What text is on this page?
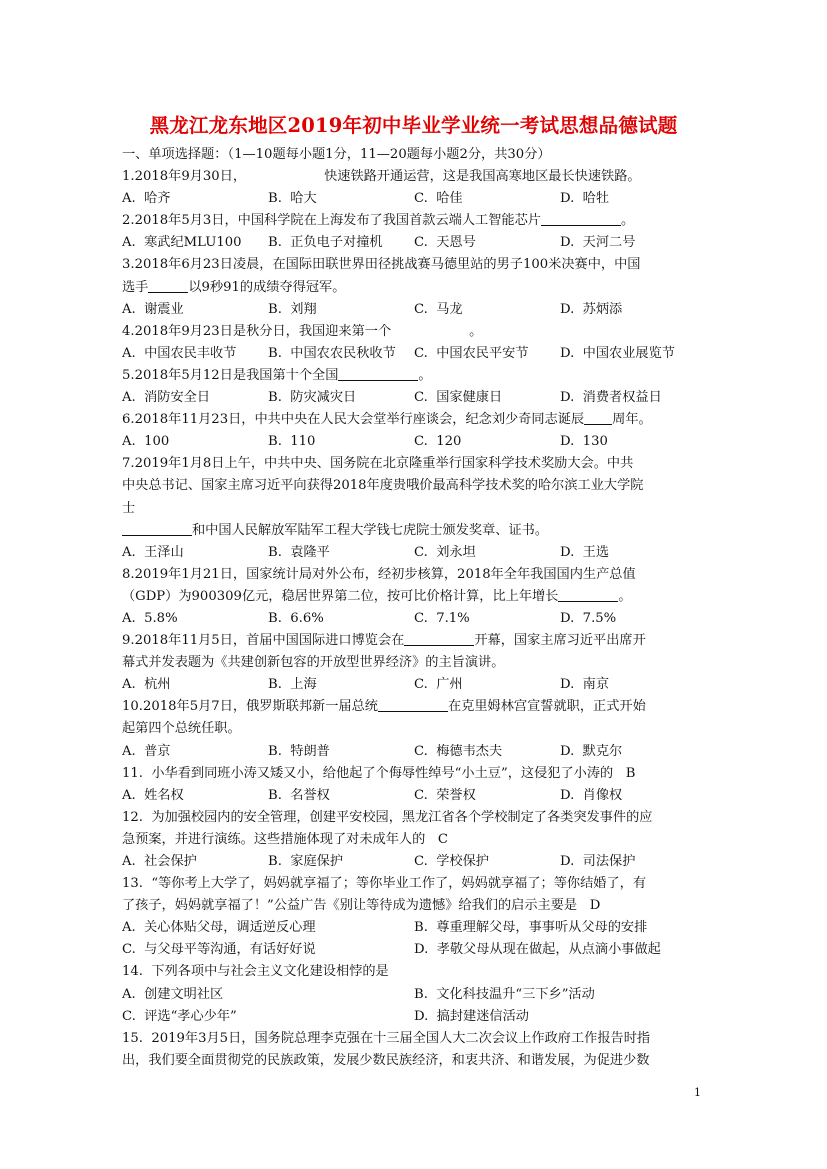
黑龙江龙东地区2019年初中毕业学业统一考试思想品德试题
一、单项选择题：（1—10题每小题1分，11—20题每小题2分，共30分）
1.2018年9月30日，	快速铁路开通运营，这是我国高寒地区最长快速铁路。
A.  哈齐	B.  哈大	C.  哈佳	D.  哈牡
2.2018年5月3日，中国科学院在上海发布了我国首款云端人工智能芯片	。
A.  寒武纪MLU100	B.  正负电子对撞机	C.  天恩号	D.  天河二号
3.2018年6月23日凌晨，在国际田联世界田径挑战赛马德里站的男子100米决赛中，中国
选手	以9秒91的成绩夺得冠军。
A.  谢震业	B.  刘翔	C.  马龙	D.  苏炳添
4.2018年9月23日是秋分日，我国迎来第一个	。
A.  中国农民丰收节	B.  中国农农民秋收节	C.  中国农民平安节	D.  中国农业展览节
5.2018年5月12日是我国第十个全国	。
A.  消防安全日	B.  防灾减灾日	C.  国家健康日	D.  消费者权益日
6.2018年11月23日，中共中央在人民大会堂举行座谈会，纪念刘少奇同志诞辰 周年。
A.  100	B.  110	C.  120	D.  130
7.2019年1月8日上午，中共中央、国务院在北京隆重举行国家科学技术奖励大会。中共
中央总书记、国家主席习近平向获得2018年度贵哦价最高科学技术奖的哈尔滨工业大学院
士
和中国人民解放军陆军工程大学钱七虎院士颁发奖章、证书。
A.  王泽山	B.  袁隆平	C.  刘永坦	D.  王选
8.2019年1月21日，国家统计局对外公布，经初步核算，2018年全年我国国内生产总值
（GDP）为900309亿元，稳居世界第二位，按可比价格计算，比上年增长	。
A.  5.8%	B.  6.6%	C.  7.1%	D.  7.5%
9.2018年11月5日，首届中国国际进口博览会在	开幕，国家主席习近平出席开
幕式并发表题为《共建创新包容的开放型世界经济》的主旨演讲。
A.  杭州	B.  上海	C.  广州	D.  南京
10.2018年5月7日，俄罗斯联邦新一届总统	在克里姆林宫宣誓就职，正式开始
起第四个总统任职。
A.  普京	B.  特朗普	C.  梅德韦杰夫	D.  默克尔
11.  小华看到同班小涛又矮又小，给他起了个侮辱性绰号“小土豆”，这侵犯了小涛的   B
A.  姓名权	B.  名誉权	C.  荣誉权	D.  肖像权
12.  为加强校园内的安全管理，创建平安校园，黑龙江省各个学校制定了各类突发事件的应
急预案，并进行演练。这些措施体现了对未成年人的   C
A.  社会保护	B.  家庭保护	C.  学校保护	D.  司法保护
13.  “等你考上大学了，妈妈就享福了；等你毕业工作了，妈妈就享福了；等你结婚了，有
了孩子，妈妈就享福了！”公益广告《别让等待成为遗憾》给我们的启示主要是   D
A.  关心体贴父母，调适逆反心理	B.  尊重理解父母，事事听从父母的安排
C.  与父母平等沟通，有话好好说	D.  孝敬父母从现在做起，从点滴小事做起
14.  下列各项中与社会主义文化建设相悖的是
A.  创建文明社区	B.  文化科技温升“三下乡”活动
C.  评选“孝心少年”	D.  搞封建迷信活动
15.  2019年3月5日，国务院总理李克强在十三届全国人大二次会议上作政府工作报告时指
出，我们要全面贯彻党的民族政策，发展少数民族经济，和衷共济、和谐发展，为促进少数
1
